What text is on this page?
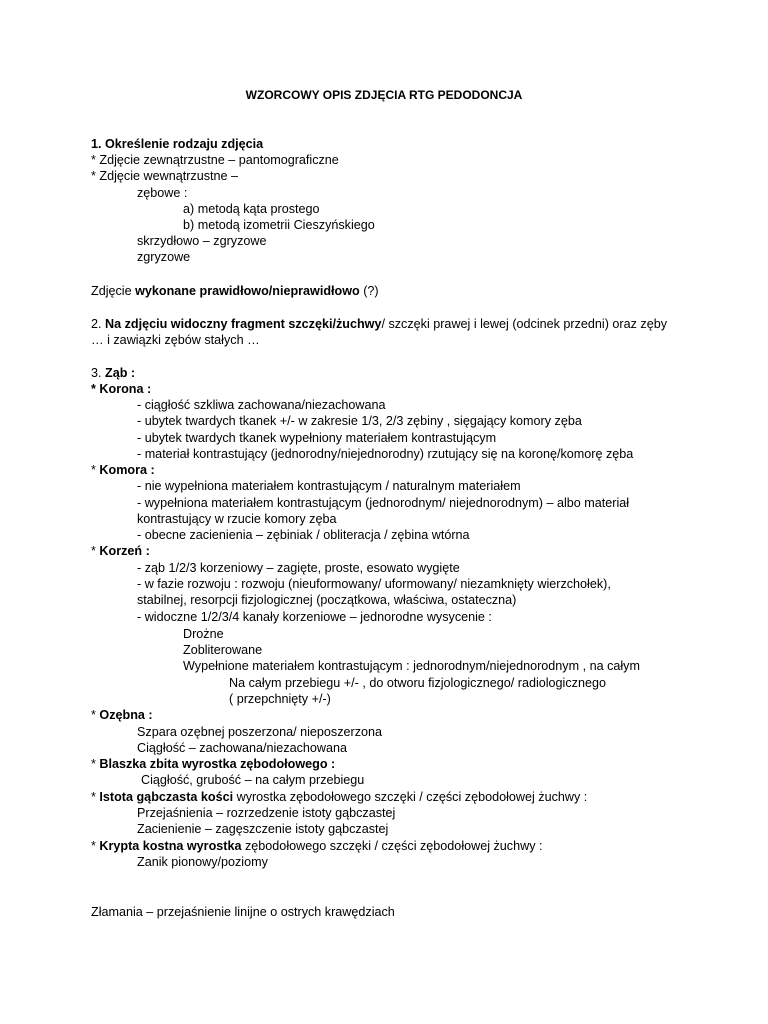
WZORCOWY OPIS ZDJĘCIA RTG PEDODONCJA
1. Określenie rodzaju zdjęcia
* Zdjęcie zewnątrzustne – pantomograficzne
* Zdjęcie wewnątrzustne –
zębowe :
a) metodą kąta prostego
b) metodą izometrii Cieszyńskiego
skrzydłowo – zgryzowe
zgryzowe
Zdjęcie wykonane prawidłowo/nieprawidłowo (?)
2. Na zdjęciu widoczny fragment szczęki/żuchwy/ szczęki prawej i lewej (odcinek przedni) oraz zęby
… i zawiązki zębów stałych …
3. Ząb :
* Korona :
- ciągłość szkliwa zachowana/niezachowana
- ubytek twardych tkanek +/- w zakresie 1/3, 2/3 zębiny , sięgający komory zęba
- ubytek twardych tkanek wypełniony materiałem kontrastującym
- materiał kontrastujący (jednorodny/niejednorodny) rzutujący się na koronę/komorę zęba
* Komora :
- nie wypełniona materiałem kontrastującym / naturalnym materiałem
- wypełniona materiałem kontrastującym (jednorodnym/ niejednorodnym) – albo materiał
kontrastujący w rzucie komory zęba
- obecne zacienienia – zębiniak / obliteracja / zębina wtórna
* Korzeń :
- ząb 1/2/3 korzeniowy – zagięte, proste, esowato wygięte
- w fazie rozwoju : rozwoju (nieuformowany/ uformowany/ niezamknięty wierzchołek),
stabilnej, resorpcji fizjologicznej (początkowa, właściwa, ostateczna)
- widoczne 1/2/3/4 kanały korzeniowe – jednorodne wysycenie :
Drożne
Zobliterowane
Wypełnione materiałem kontrastującym : jednorodnym/niejednorodnym , na całym
Na całym przebiegu +/- , do otworu fizjologicznego/ radiologicznego
( przepchnięty +/-)
* Ozębna :
Szpara ozębnej poszerzona/ nieposzerzona
Ciągłość – zachowana/niezachowana
* Blaszka zbita wyrostka zębodołowego :
Ciągłość, grubość – na całym przebiegu
* Istota gąbczasta kości wyrostka zębodołowego szczęki / części zębodołowej żuchwy :
Przejaśnienia – rozrzedzenie istoty gąbczastej
Zacienienie – zagęszczenie istoty gąbczastej
* Krypta kostna wyrostka zębodołowego szczęki / części zębodołowej żuchwy :
Zanik pionowy/poziomy
Złamania – przejaśnienie linijne o ostrych krawędziach
